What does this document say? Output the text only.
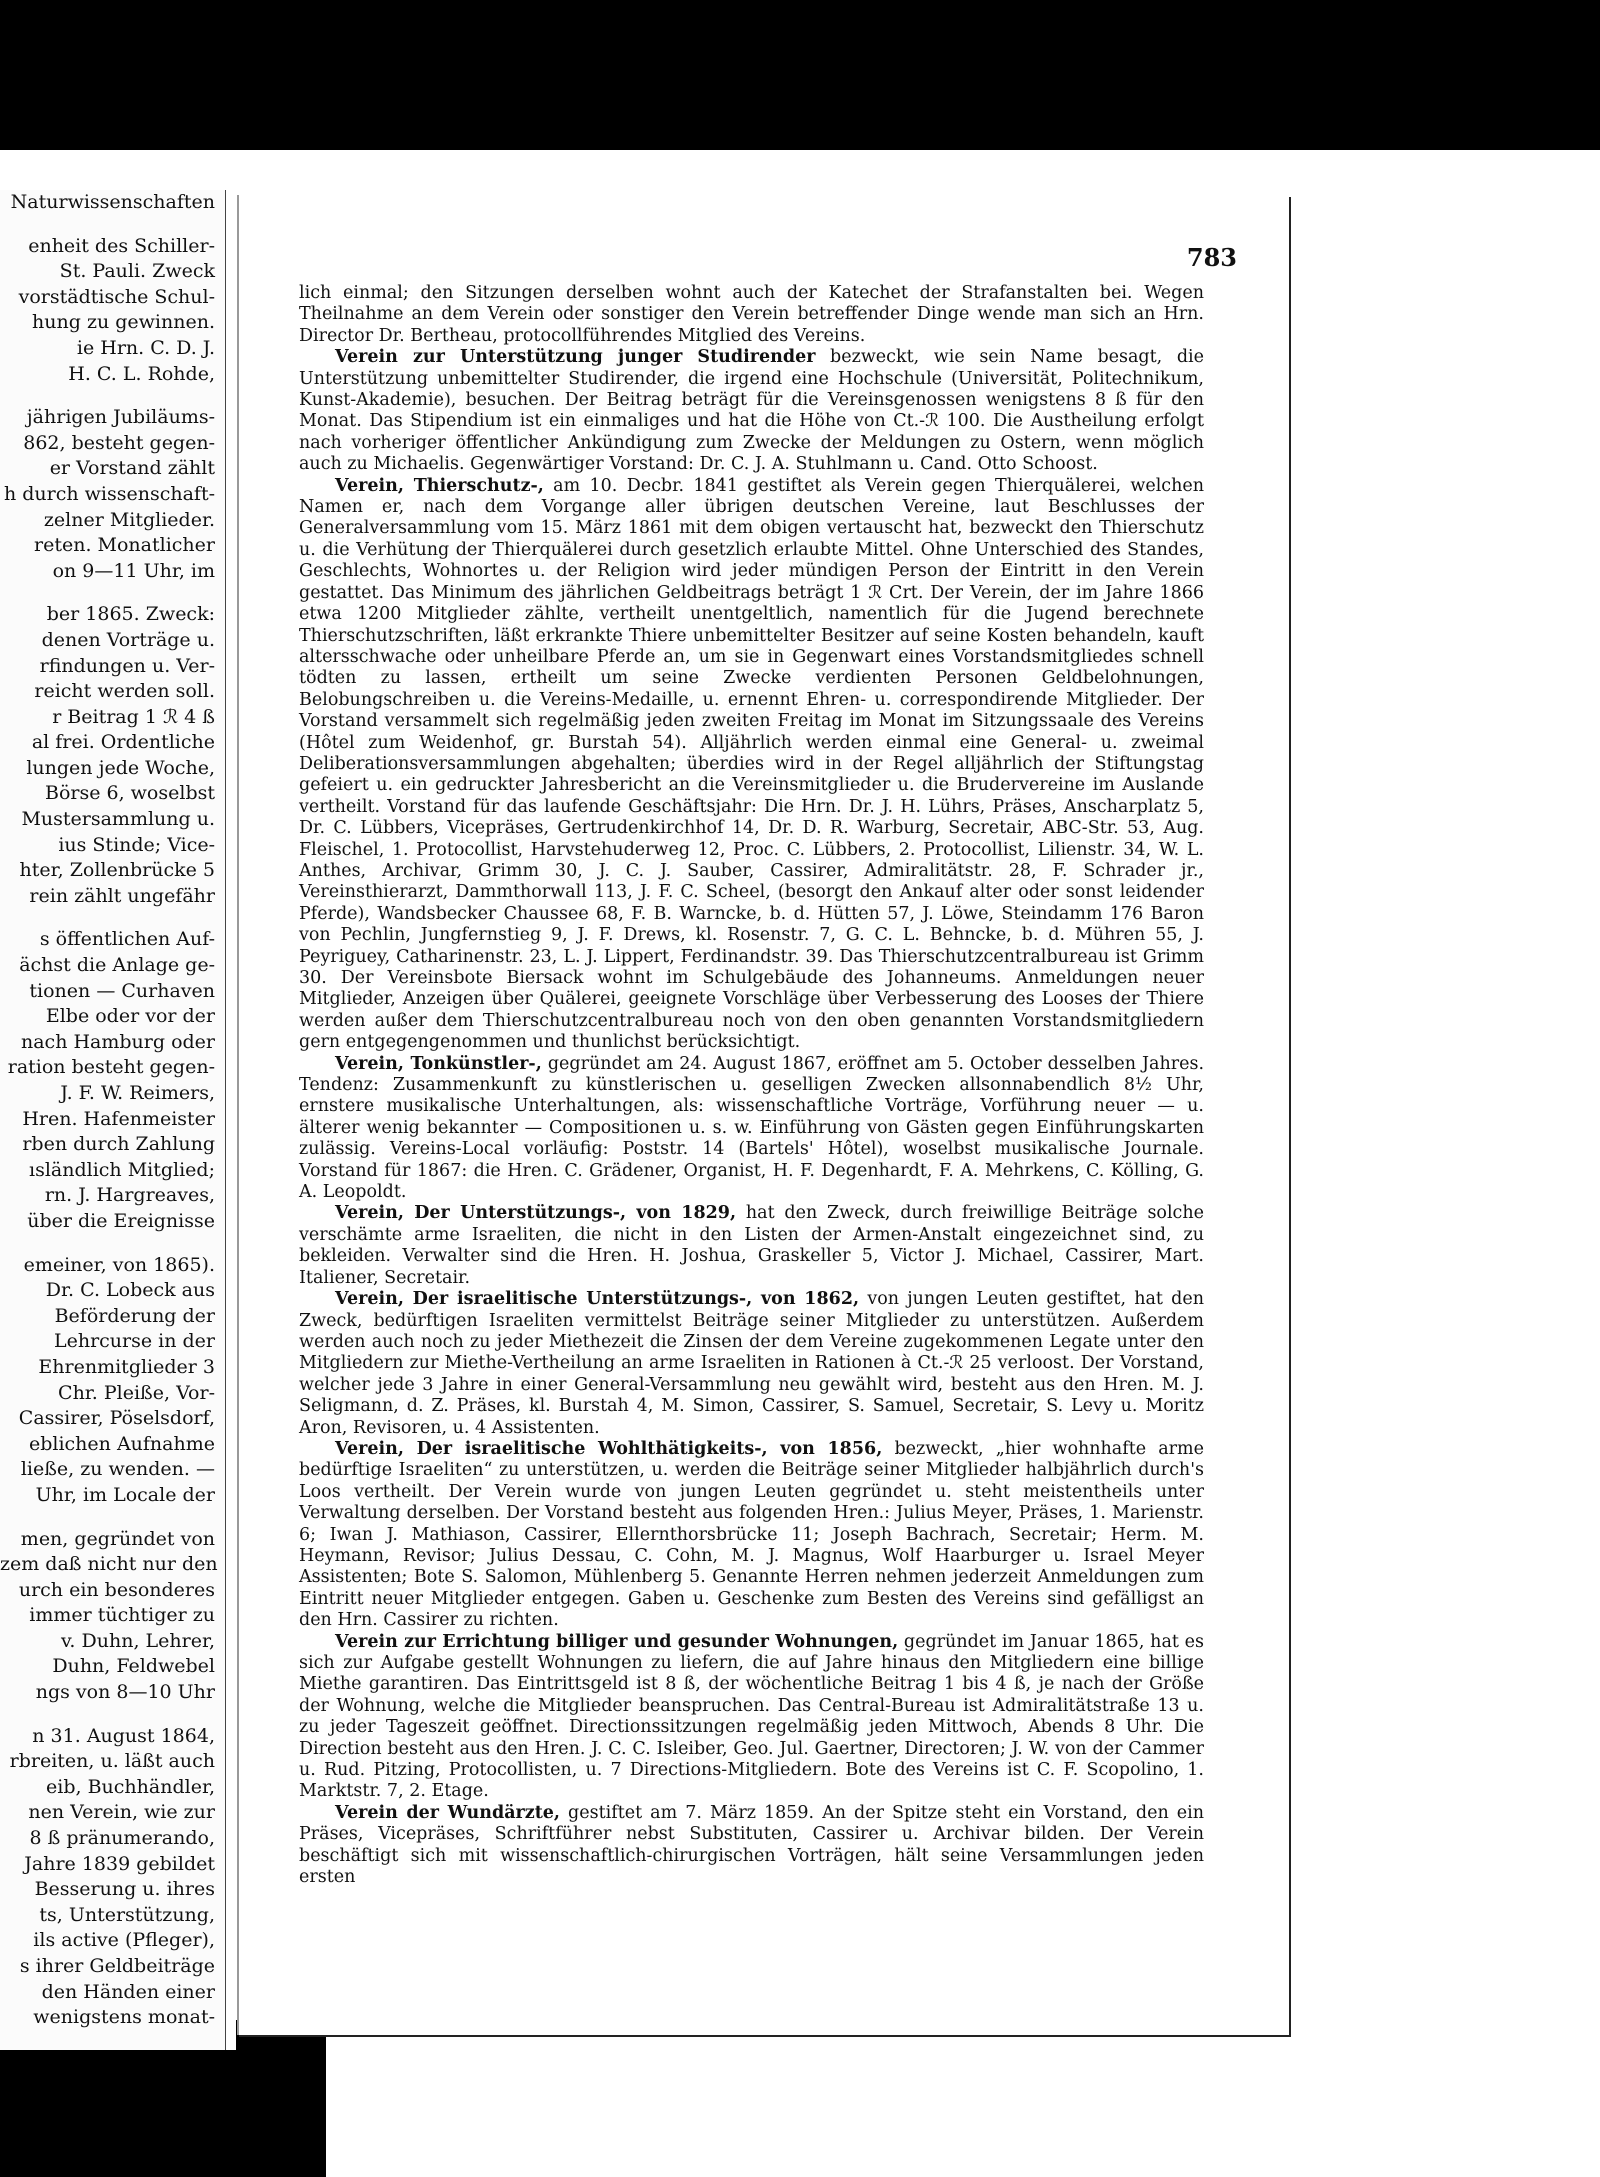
Naturwissenschaften
enheit des Schiller-
St. Pauli. Zweck
vorstädtische Schul-
hung zu gewinnen.
ie Hrn. C. D. J.
H. C. L. Rohde,
jährigen Jubiläums-
862, besteht gegen-
er Vorstand zählt
h durch wissenschaft-
zelner Mitglieder.
reten. Monatlicher
on 9—11 Uhr, im
ber 1865. Zweck:
denen Vorträge u.
rfindungen u. Ver-
reicht werden soll.
r Beitrag 1 ℛ 4 ß
al frei. Ordentliche
lungen jede Woche,
Börse 6, woselbst
Mustersammlung u.
ius Stinde; Vice-
hter, Zollenbrücke 5
rein zählt ungefähr
s öffentlichen Auf-
ächst die Anlage ge-
tionen — Curhaven
Elbe oder vor der
nach Hamburg oder
ration besteht gegen-
J. F. W. Reimers,
Hren. Hafenmeister
rben durch Zahlung
ısländlich Mitglied;
rn. J. Hargreaves,
über die Ereignisse
emeiner, von 1865).
Dr. C. Lobeck aus
Beförderung der
Lehrcurse in der
Ehrenmitglieder 3
Chr. Pleiße, Vor-
Cassirer, Pöselsdorf,
eblichen Aufnahme
ließe, zu wenden. —
Uhr, im Locale der
men, gegründet von
zem daß nicht nur den
urch ein besonderes
immer tüchtiger zu
v. Duhn, Lehrer,
Duhn, Feldwebel
ngs von 8—10 Uhr
n 31. August 1864,
rbreiten, u. läßt auch
eib, Buchhändler,
nen Verein, wie zur
8 ß pränumerando,
Jahre 1839 gebildet
Besserung u. ihres
ts, Unterstützung,
ils active (Pfleger),
s ihrer Geldbeiträge
den Händen einer
wenigstens monat-
783

lich einmal; den Sitzungen derselben wohnt auch der Katechet der Strafanstalten bei. Wegen Theilnahme an dem Verein oder sonstiger den Verein betreffender Dinge wende man sich an Hrn. Director Dr. Bertheau, protocollführendes Mitglied des Vereins.

Verein zur Unterstützung junger Studirender bezweckt, wie sein Name besagt, die Unterstützung unbemittelter Studirender, die irgend eine Hochschule (Universität, Politechnikum, Kunst-Akademie), besuchen. Der Beitrag beträgt für die Vereinsgenossen wenigstens 8 ß für den Monat. Das Stipendium ist ein einmaliges und hat die Höhe von Ct.-ℛ 100. Die Austheilung erfolgt nach vorheriger öffentlicher Ankündigung zum Zwecke der Meldungen zu Ostern, wenn möglich auch zu Michaelis. Gegenwärtiger Vorstand: Dr. C. J. A. Stuhlmann u. Cand. Otto Schoost.

Verein, Thierschutz-, am 10. Decbr. 1841 gestiftet als Verein gegen Thierquälerei, welchen Namen er, nach dem Vorgange aller übrigen deutschen Vereine, laut Beschlusses der Generalversammlung vom 15. März 1861 mit dem obigen vertauscht hat, bezweckt den Thierschutz u. die Verhütung der Thierquälerei durch gesetzlich erlaubte Mittel. Ohne Unterschied des Standes, Geschlechts, Wohnortes u. der Religion wird jeder mündigen Person der Eintritt in den Verein gestattet. Das Minimum des jährlichen Geldbeitrags beträgt 1 ℛ Crt. Der Verein, der im Jahre 1866 etwa 1200 Mitglieder zählte, vertheilt unentgeltlich, namentlich für die Jugend berechnete Thierschutzschriften, läßt erkrankte Thiere unbemittelter Besitzer auf seine Kosten behandeln, kauft altersschwache oder unheilbare Pferde an, um sie in Gegenwart eines Vorstandsmitgliedes schnell tödten zu lassen, ertheilt um seine Zwecke verdienten Personen Geldbelohnungen, Belobungschreiben u. die Vereins-Medaille, u. ernennt Ehren- u. correspondirende Mitglieder. Der Vorstand versammelt sich regelmäßig jeden zweiten Freitag im Monat im Sitzungssaale des Vereins (Hôtel zum Weidenhof, gr. Burstah 54). Alljährlich werden einmal eine General- u. zweimal Deliberationsversammlungen abgehalten; überdies wird in der Regel alljährlich der Stiftungstag gefeiert u. ein gedruckter Jahresbericht an die Vereinsmitglieder u. die Brudervereine im Auslande vertheilt. Vorstand für das laufende Geschäftsjahr: Die Hrn. Dr. J. H. Lührs, Präses, Anscharplatz 5, Dr. C. Lübbers, Vicepräses, Gertrudenkirchhof 14, Dr. D. R. Warburg, Secretair, ABC-Str. 53, Aug. Fleischel, 1. Protocollist, Harvstehuderweg 12, Proc. C. Lübbers, 2. Protocollist, Lilienstr. 34, W. L. Anthes, Archivar, Grimm 30, J. C. J. Sauber, Cassirer, Admiralitätstr. 28, F. Schrader jr., Vereinsthierarzt, Dammthorwall 113, J. F. C. Scheel, (besorgt den Ankauf alter oder sonst leidender Pferde), Wandsbecker Chaussee 68, F. B. Warncke, b. d. Hütten 57, J. Löwe, Steindamm 176 Baron von Pechlin, Jungfernstieg 9, J. F. Drews, kl. Rosenstr. 7, G. C. L. Behncke, b. d. Mühren 55, J. Peyriguey, Catharinenstr. 23, L. J. Lippert, Ferdinandstr. 39. Das Thierschutzcentralbureau ist Grimm 30. Der Vereinsbote Biersack wohnt im Schulgebäude des Johanneums. Anmeldungen neuer Mitglieder, Anzeigen über Quälerei, geeignete Vorschläge über Verbesserung des Looses der Thiere werden außer dem Thierschutzcentralbureau noch von den oben genannten Vorstandsmitgliedern gern entgegengenommen und thunlichst berücksichtigt.

Verein, Tonkünstler-, gegründet am 24. August 1867, eröffnet am 5. October desselben Jahres. Tendenz: Zusammenkunft zu künstlerischen u. geselligen Zwecken allsonnabendlich 8½ Uhr, ernstere musikalische Unterhaltungen, als: wissenschaftliche Vorträge, Vorführung neuer — u. älterer wenig bekannter — Compositionen u. s. w. Einführung von Gästen gegen Einführungskarten zulässig. Vereins-Local vorläufig: Poststr. 14 (Bartels' Hôtel), woselbst musikalische Journale. Vorstand für 1867: die Hren. C. Grädener, Organist, H. F. Degenhardt, F. A. Mehrkens, C. Kölling, G. A. Leopoldt.

Verein, Der Unterstützungs-, von 1829, hat den Zweck, durch freiwillige Beiträge solche verschämte arme Israeliten, die nicht in den Listen der Armen-Anstalt eingezeichnet sind, zu bekleiden. Verwalter sind die Hren. H. Joshua, Graskeller 5, Victor J. Michael, Cassirer, Mart. Italiener, Secretair.

Verein, Der israelitische Unterstützungs-, von 1862, von jungen Leuten gestiftet, hat den Zweck, bedürftigen Israeliten vermittelst Beiträge seiner Mitglieder zu unterstützen. Außerdem werden auch noch zu jeder Miethezeit die Zinsen der dem Vereine zugekommenen Legate unter den Mitgliedern zur Miethe-Vertheilung an arme Israeliten in Rationen à Ct.-ℛ 25 verloost. Der Vorstand, welcher jede 3 Jahre in einer General-Versammlung neu gewählt wird, besteht aus den Hren. M. J. Seligmann, d. Z. Präses, kl. Burstah 4, M. Simon, Cassirer, S. Samuel, Secretair, S. Levy u. Moritz Aron, Revisoren, u. 4 Assistenten.

Verein, Der israelitische Wohlthätigkeits-, von 1856, bezweckt, „hier wohnhafte arme bedürftige Israeliten“ zu unterstützen, u. werden die Beiträge seiner Mitglieder halbjährlich durch's Loos vertheilt. Der Verein wurde von jungen Leuten gegründet u. steht meistentheils unter Verwaltung derselben. Der Vorstand besteht aus folgenden Hren.: Julius Meyer, Präses, 1. Marienstr. 6; Iwan J. Mathiason, Cassirer, Ellernthorsbrücke 11; Joseph Bachrach, Secretair; Herm. M. Heymann, Revisor; Julius Dessau, C. Cohn, M. J. Magnus, Wolf Haarburger u. Israel Meyer Assistenten; Bote S. Salomon, Mühlenberg 5. Genannte Herren nehmen jederzeit Anmeldungen zum Eintritt neuer Mitglieder entgegen. Gaben u. Geschenke zum Besten des Vereins sind gefälligst an den Hrn. Cassirer zu richten.

Verein zur Errichtung billiger und gesunder Wohnungen, gegründet im Januar 1865, hat es sich zur Aufgabe gestellt Wohnungen zu liefern, die auf Jahre hinaus den Mitgliedern eine billige Miethe garantiren. Das Eintrittsgeld ist 8 ß, der wöchentliche Beitrag 1 bis 4 ß, je nach der Größe der Wohnung, welche die Mitglieder beanspruchen. Das Central-Bureau ist Admiralitätstraße 13 u. zu jeder Tageszeit geöffnet. Directionssitzungen regelmäßig jeden Mittwoch, Abends 8 Uhr. Die Direction besteht aus den Hren. J. C. C. Isleiber, Geo. Jul. Gaertner, Directoren; J. W. von der Cammer u. Rud. Pitzing, Protocollisten, u. 7 Directions-Mitgliedern. Bote des Vereins ist C. F. Scopolino, 1. Marktstr. 7, 2. Etage.

Verein der Wundärzte, gestiftet am 7. März 1859. An der Spitze steht ein Vorstand, den ein Präses, Vicepräses, Schriftführer nebst Substituten, Cassirer u. Archivar bilden. Der Verein beschäftigt sich mit wissenschaftlich-chirurgischen Vorträgen, hält seine Versammlungen jeden ersten
